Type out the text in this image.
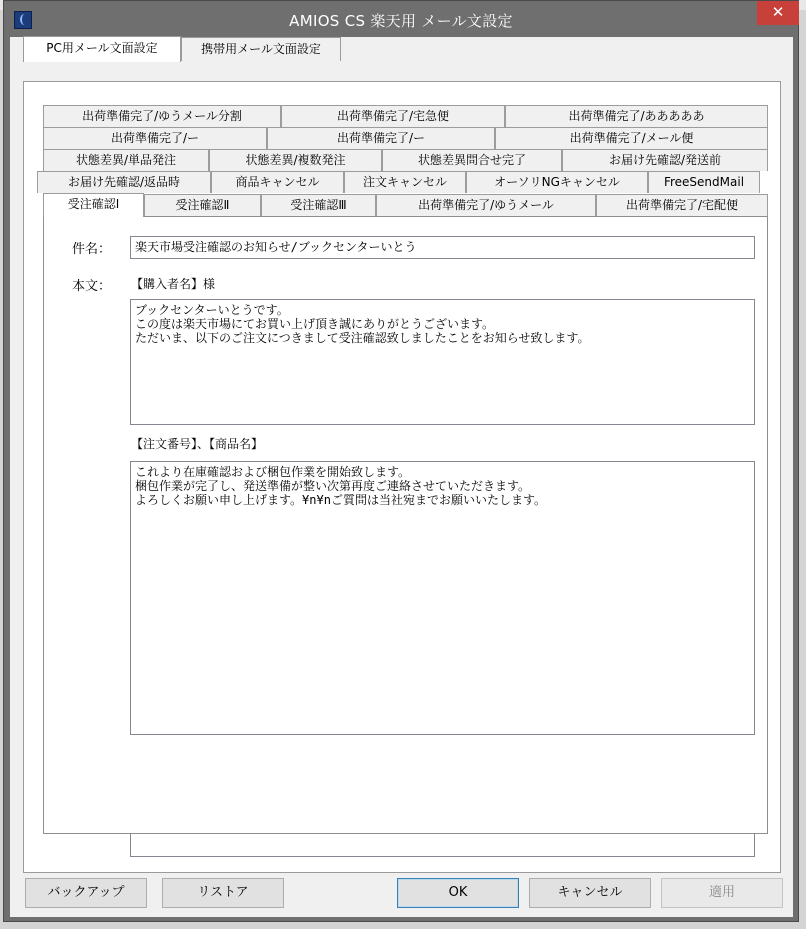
AMIOS CS 楽天用 メール文設定	✕
PC用メール文面設定	携帯用メール文面設定
出荷準備完了/ゆうメール分割	出荷準備完了/宅急便	出荷準備完了/あああああ
出荷準備完了/ー	出荷準備完了/ー	出荷準備完了/メール便
状態差異/単品発注	状態差異/複数発注	状態差異問合せ完了	お届け先確認/発送前
お届け先確認/返品時	商品キャンセル	注文キャンセル	オーソリNGキャンセル	FreeSendMail
受注確認Ⅰ	受注確認Ⅱ	受注確認Ⅲ	出荷準備完了/ゆうメール	出荷準備完了/宅配便
件名：	楽天市場受注確認のお知らせ/ブックセンターいとう
本文： 【購入者名】様
ブックセンターいとうです。
この度は楽天市場にてお買い上げ頂き誠にありがとうございます。
ただいま、以下のご注文につきまして受注確認致しましたことをお知らせ致します。
【注文番号】、【商品名】
これより在庫確認および梱包作業を開始致します。
梱包作業が完了し、発送準備が整い次第再度ご連絡させていただきます。
よろしくお願い申し上げます。¥n¥nご質問は当社宛までお願いいたします。
バックアップ	リストア	OK	キャンセル	適用
